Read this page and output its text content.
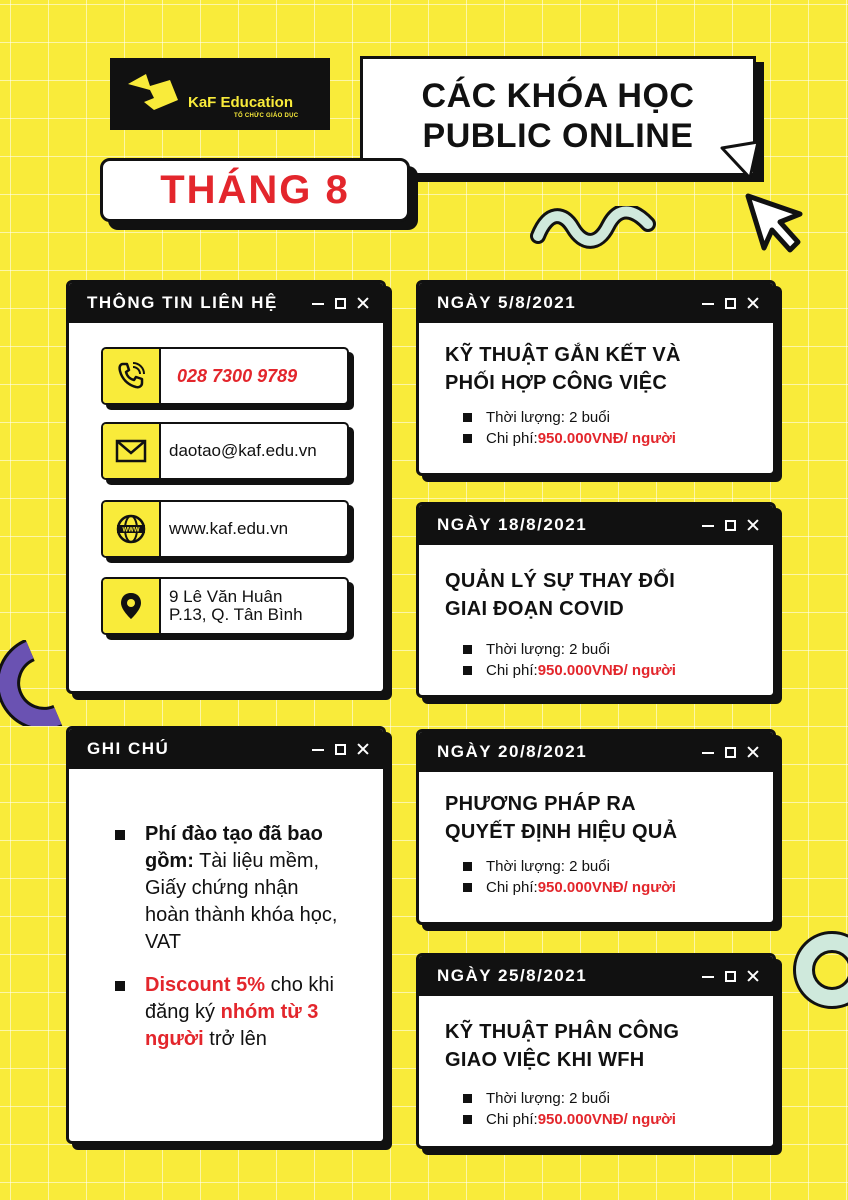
KaF Education
TỔ CHỨC GIÁO DỤC
CÁC KHÓA HỌC
PUBLIC ONLINE
THÁNG 8
THÔNG TIN LIÊN HỆ
028 7300 9789
daotao@kaf.edu.vn
WWW	www.kaf.edu.vn
9 Lê Văn Huân
P.13, Q. Tân Bình
GHI CHÚ
Phí đào tạo đã bao gồm: Tài liệu mềm, Giấy chứng nhận hoàn thành khóa học, VAT
Discount 5% cho khi đăng ký nhóm từ 3 người trở lên
NGÀY 5/8/2021
KỸ THUẬT GẮN KẾT VÀ
PHỐI HỢP CÔNG VIỆC
Thời lượng: 2 buổi
Chi phí: 950.000VNĐ/ người
NGÀY 18/8/2021
QUẢN LÝ SỰ THAY ĐỔI
GIAI ĐOẠN COVID
Thời lượng: 2 buổi
Chi phí: 950.000VNĐ/ người
NGÀY 20/8/2021
PHƯƠNG PHÁP RA
QUYẾT ĐỊNH HIỆU QUẢ
Thời lượng: 2 buổi
Chi phí: 950.000VNĐ/ người
NGÀY 25/8/2021
KỸ THUẬT PHÂN CÔNG
GIAO VIỆC KHI WFH
Thời lượng: 2 buổi
Chi phí: 950.000VNĐ/ người
